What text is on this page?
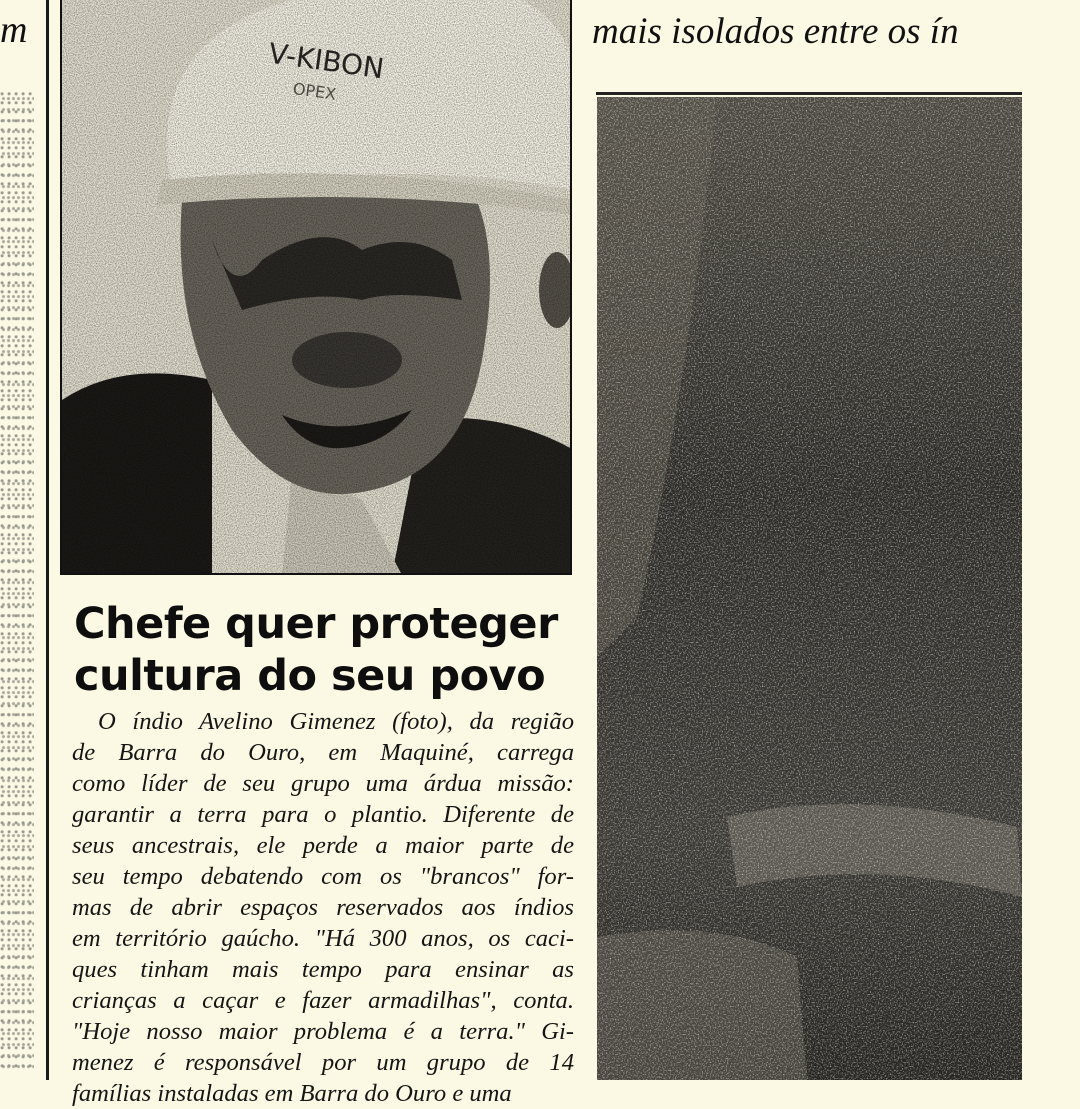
m
Chefe quer proteger
cultura do seu povo

O índio Avelino Gimenez (foto), da região
de Barra do Ouro, em Maquiné, carrega
como líder de seu grupo uma árdua missão:
garantir a terra para o plantio. Diferente de
seus ancestrais, ele perde a maior parte de
seu tempo debatendo com os "brancos" for-
mas de abrir espaços reservados aos índios
em território gaúcho. "Há 300 anos, os caci-
ques tinham mais tempo para ensinar as
crianças a caçar e fazer armadilhas", conta.
"Hoje nosso maior problema é a terra." Gi-
menez é responsável por um grupo de 14
famílias instaladas em Barra do Ouro e uma

mais isolados entre os ín
